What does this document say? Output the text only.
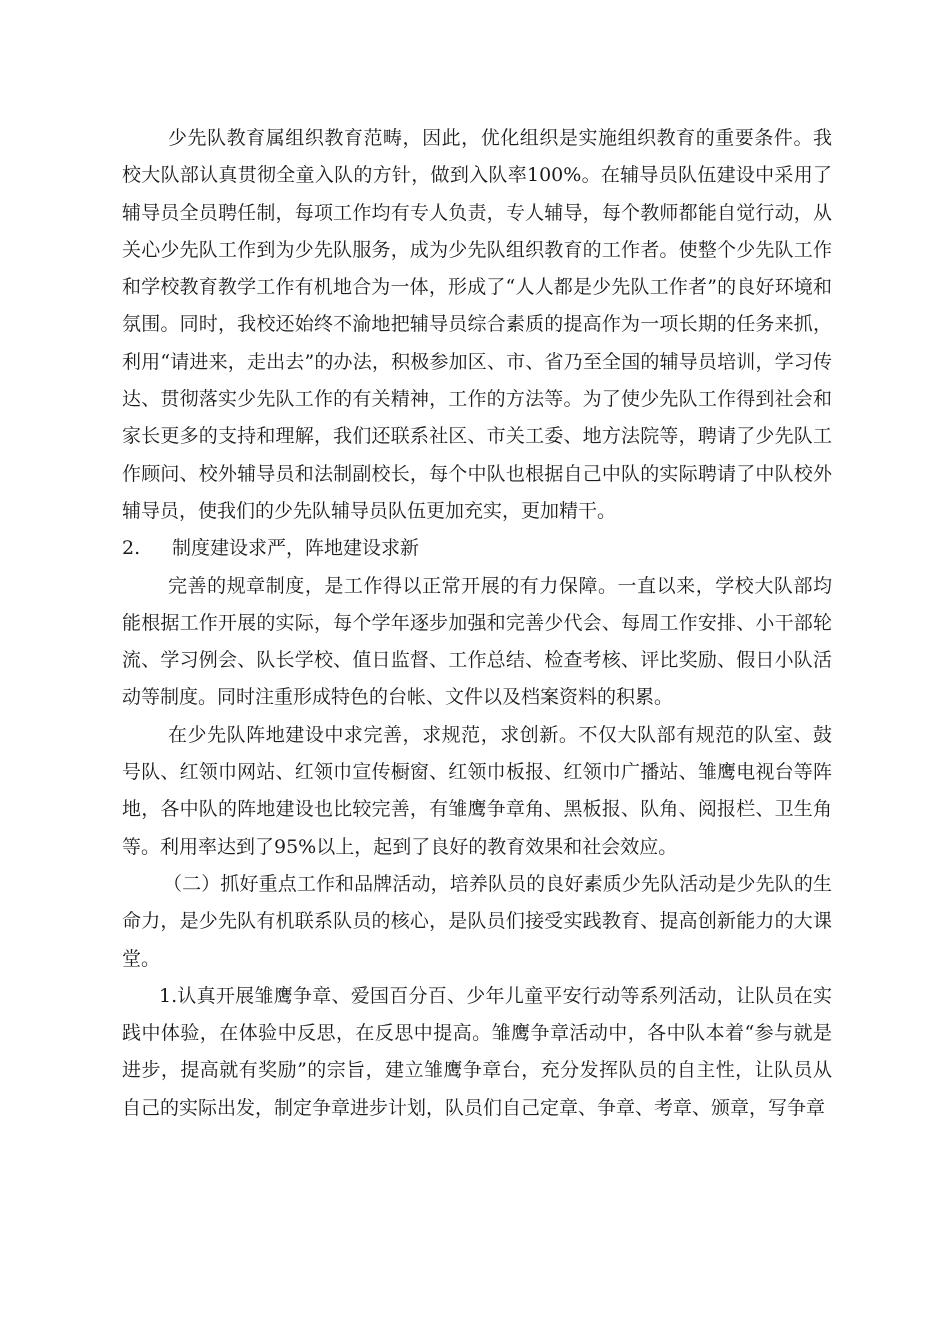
少先队教育属组织教育范畴，因此，优化组织是实施组织教育的重要条件。我校大队部认真贯彻全童入队的方针，做到入队率100%。在辅导员队伍建设中采用了辅导员全员聘任制，每项工作均有专人负责，专人辅导，每个教师都能自觉行动，从关心少先队工作到为少先队服务，成为少先队组织教育的工作者。使整个少先队工作和学校教育教学工作有机地合为一体，形成了“人人都是少先队工作者”的良好环境和氛围。同时，我校还始终不渝地把辅导员综合素质的提高作为一项长期的任务来抓，利用“请进来，走出去”的办法，积极参加区、市、省乃至全国的辅导员培训，学习传达、贯彻落实少先队工作的有关精神，工作的方法等。为了使少先队工作得到社会和家长更多的支持和理解，我们还联系社区、市关工委、地方法院等，聘请了少先队工作顾问、校外辅导员和法制副校长，每个中队也根据自己中队的实际聘请了中队校外辅导员，使我们的少先队辅导员队伍更加充实，更加精干。

2. 制度建设求严，阵地建设求新

完善的规章制度，是工作得以正常开展的有力保障。一直以来，学校大队部均能根据工作开展的实际，每个学年逐步加强和完善少代会、每周工作安排、小干部轮流、学习例会、队长学校、值日监督、工作总结、检查考核、评比奖励、假日小队活动等制度。同时注重形成特色的台帐、文件以及档案资料的积累。

在少先队阵地建设中求完善，求规范，求创新。不仅大队部有规范的队室、鼓号队、红领巾网站、红领巾宣传橱窗、红领巾板报、红领巾广播站、雏鹰电视台等阵地，各中队的阵地建设也比较完善，有雏鹰争章角、黑板报、队角、阅报栏、卫生角等。利用率达到了95%以上，起到了良好的教育效果和社会效应。

（二）抓好重点工作和品牌活动，培养队员的良好素质少先队活动是少先队的生命力，是少先队有机联系队员的核心，是队员们接受实践教育、提高创新能力的大课堂。

1.认真开展雏鹰争章、爱国百分百、少年儿童平安行动等系列活动，让队员在实践中体验，在体验中反思，在反思中提高。雏鹰争章活动中，各中队本着“参与就是进步，提高就有奖励”的宗旨，建立雏鹰争章台，充分发挥队员的自主性，让队员从自己的实际出发，制定争章进步计划，队员们自己定章、争章、考章、颁章，写争章
